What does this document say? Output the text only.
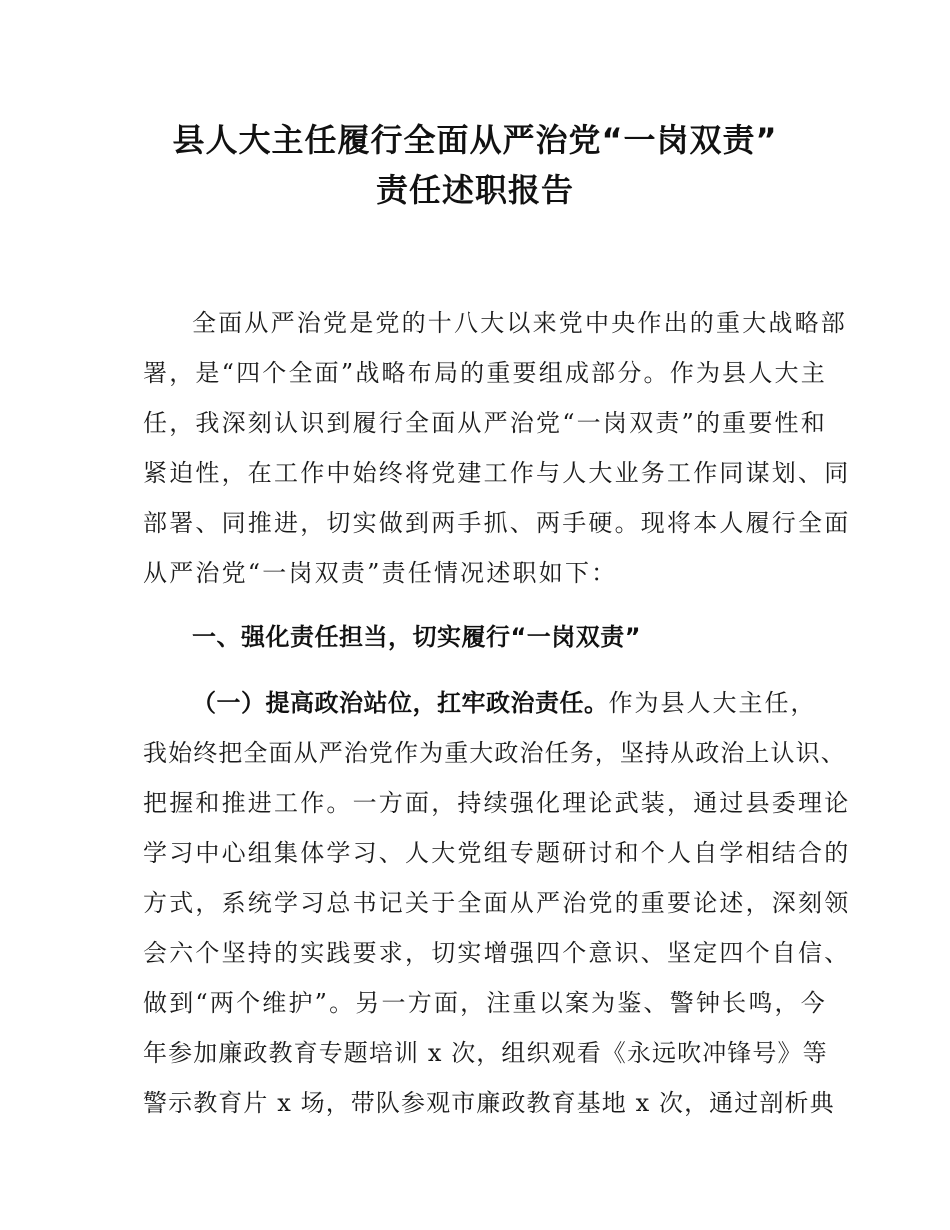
县人大主任履行全面从严治党“一岗双责”
责任述职报告
全面从严治党是党的十八大以来党中央作出的重大战略部
署，是“四个全面”战略布局的重要组成部分。作为县人大主
任，我深刻认识到履行全面从严治党“一岗双责”的重要性和
紧迫性，在工作中始终将党建工作与人大业务工作同谋划、同
部署、同推进，切实做到两手抓、两手硬。现将本人履行全面
从严治党“一岗双责”责任情况述职如下：
一、强化责任担当，切实履行“一岗双责”
（一）提高政治站位，扛牢政治责任。作为县人大主任，
我始终把全面从严治党作为重大政治任务，坚持从政治上认识、
把握和推进工作。一方面，持续强化理论武装，通过县委理论
学习中心组集体学习、人大党组专题研讨和个人自学相结合的
方式，系统学习总书记关于全面从严治党的重要论述，深刻领
会六个坚持的实践要求，切实增强四个意识、坚定四个自信、
做到“两个维护”。另一方面，注重以案为鉴、警钟长鸣，今
年参加廉政教育专题培训 x 次，组织观看《永远吹冲锋号》等
警示教育片 x 场，带队参观市廉政教育基地 x 次，通过剖析典
